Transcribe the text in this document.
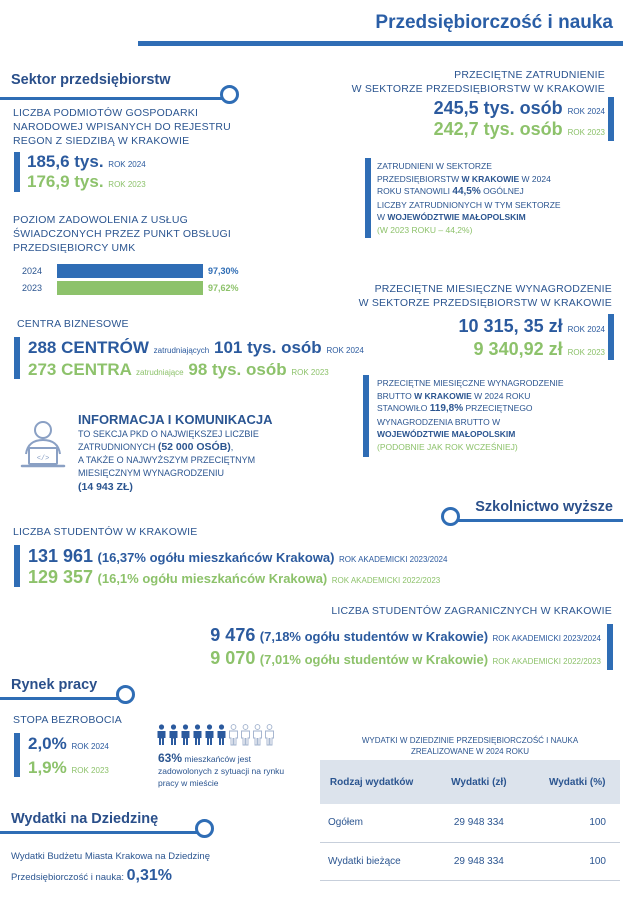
Przedsiębiorczość i nauka
Sektor przedsiębiorstw
LICZBA PODMIOTÓW GOSPODARKI
NARODOWEJ WPISANYCH DO REJESTRU
REGON Z SIEDZIBĄ W KRAKOWIE
185,6 tys. ROK 2024
176,9 tys. ROK 2023
POZIOM ZADOWOLENIA Z USŁUG
ŚWIADCZONYCH PRZEZ PUNKT OBSŁUGI
PRZEDSIĘBIORCY UMK
2024	97,30%
2023	97,62%
CENTRA BIZNESOWE
288 CENTRÓW zatrudniających 101 tys. osób ROK 2024
273 CENTRA zatrudniające 98 tys. osób ROK 2023
</>
INFORMACJA I KOMUNIKACJA
TO SEKCJA PKD O NAJWIĘKSZEJ LICZBIE
ZATRUDNIONYCH (52 000 OSÓB),
A TAKŻE O NAJWYŻSZYM PRZECIĘTNYM
MIESIĘCZNYM WYNAGRODZENIU
(14 943 ZŁ)
PRZECIĘTNE ZATRUDNIENIE
W SEKTORZE PRZEDSIĘBIORSTW W KRAKOWIE
245,5 tys. osób ROK 2024
242,7 tys. osób ROK 2023
ZATRUDNIENI W SEKTORZE
PRZEDSIĘBIORSTW W KRAKOWIE W 2024
ROKU STANOWILI 44,5% OGÓLNEJ
LICZBY ZATRUDNIONYCH W TYM SEKTORZE
W WOJEWÓDZTWIE MAŁOPOLSKIM
(W 2023 ROKU – 44,2%)
PRZECIĘTNE MIESIĘCZNE WYNAGRODZENIE
W SEKTORZE PRZEDSIĘBIORSTW W KRAKOWIE
10 315, 35 zł ROK 2024
9 340,92 zł ROK 2023
PRZECIĘTNE MIESIĘCZNE WYNAGRODZENIE
BRUTTO W KRAKOWIE W 2024 ROKU
STANOWIŁO 119,8% PRZECIĘTNEGO
WYNAGRODZENIA BRUTTO W
WOJEWÓDZTWIE MAŁOPOLSKIM
(PODOBNIE JAK ROK WCZEŚNIEJ)
Szkolnictwo wyższe
LICZBA STUDENTÓW W KRAKOWIE
131 961 (16,37% ogółu mieszkańców Krakowa) ROK AKADEMICKI 2023/2024
129 357 (16,1% ogółu mieszkańców Krakowa) ROK AKADEMICKI 2022/2023
LICZBA STUDENTÓW ZAGRANICZNYCH W KRAKOWIE
9 476 (7,18% ogółu studentów w Krakowie) ROK AKADEMICKI 2023/2024
9 070 (7,01% ogółu studentów w Krakowie) ROK AKADEMICKI 2022/2023
Rynek pracy
STOPA BEZROBOCIA
2,0% ROK 2024
1,9% ROK 2023
63% mieszkańców jest
zadowolonych z sytuacji na rynku
pracy w mieście
Wydatki na Dziedzinę
Wydatki Budżetu Miasta Krakowa na Dziedzinę
Przedsiębiorczość i nauka: 0,31%
WYDATKI W DZIEDZINIE PRZEDSIĘBIORCZOŚĆ I NAUKA
ZREALIZOWANE W 2024 ROKU
Rodzaj wydatków	Wydatki (zł)	Wydatki (%)
Ogółem	29 948 334	100
Wydatki bieżące	29 948 334	100
